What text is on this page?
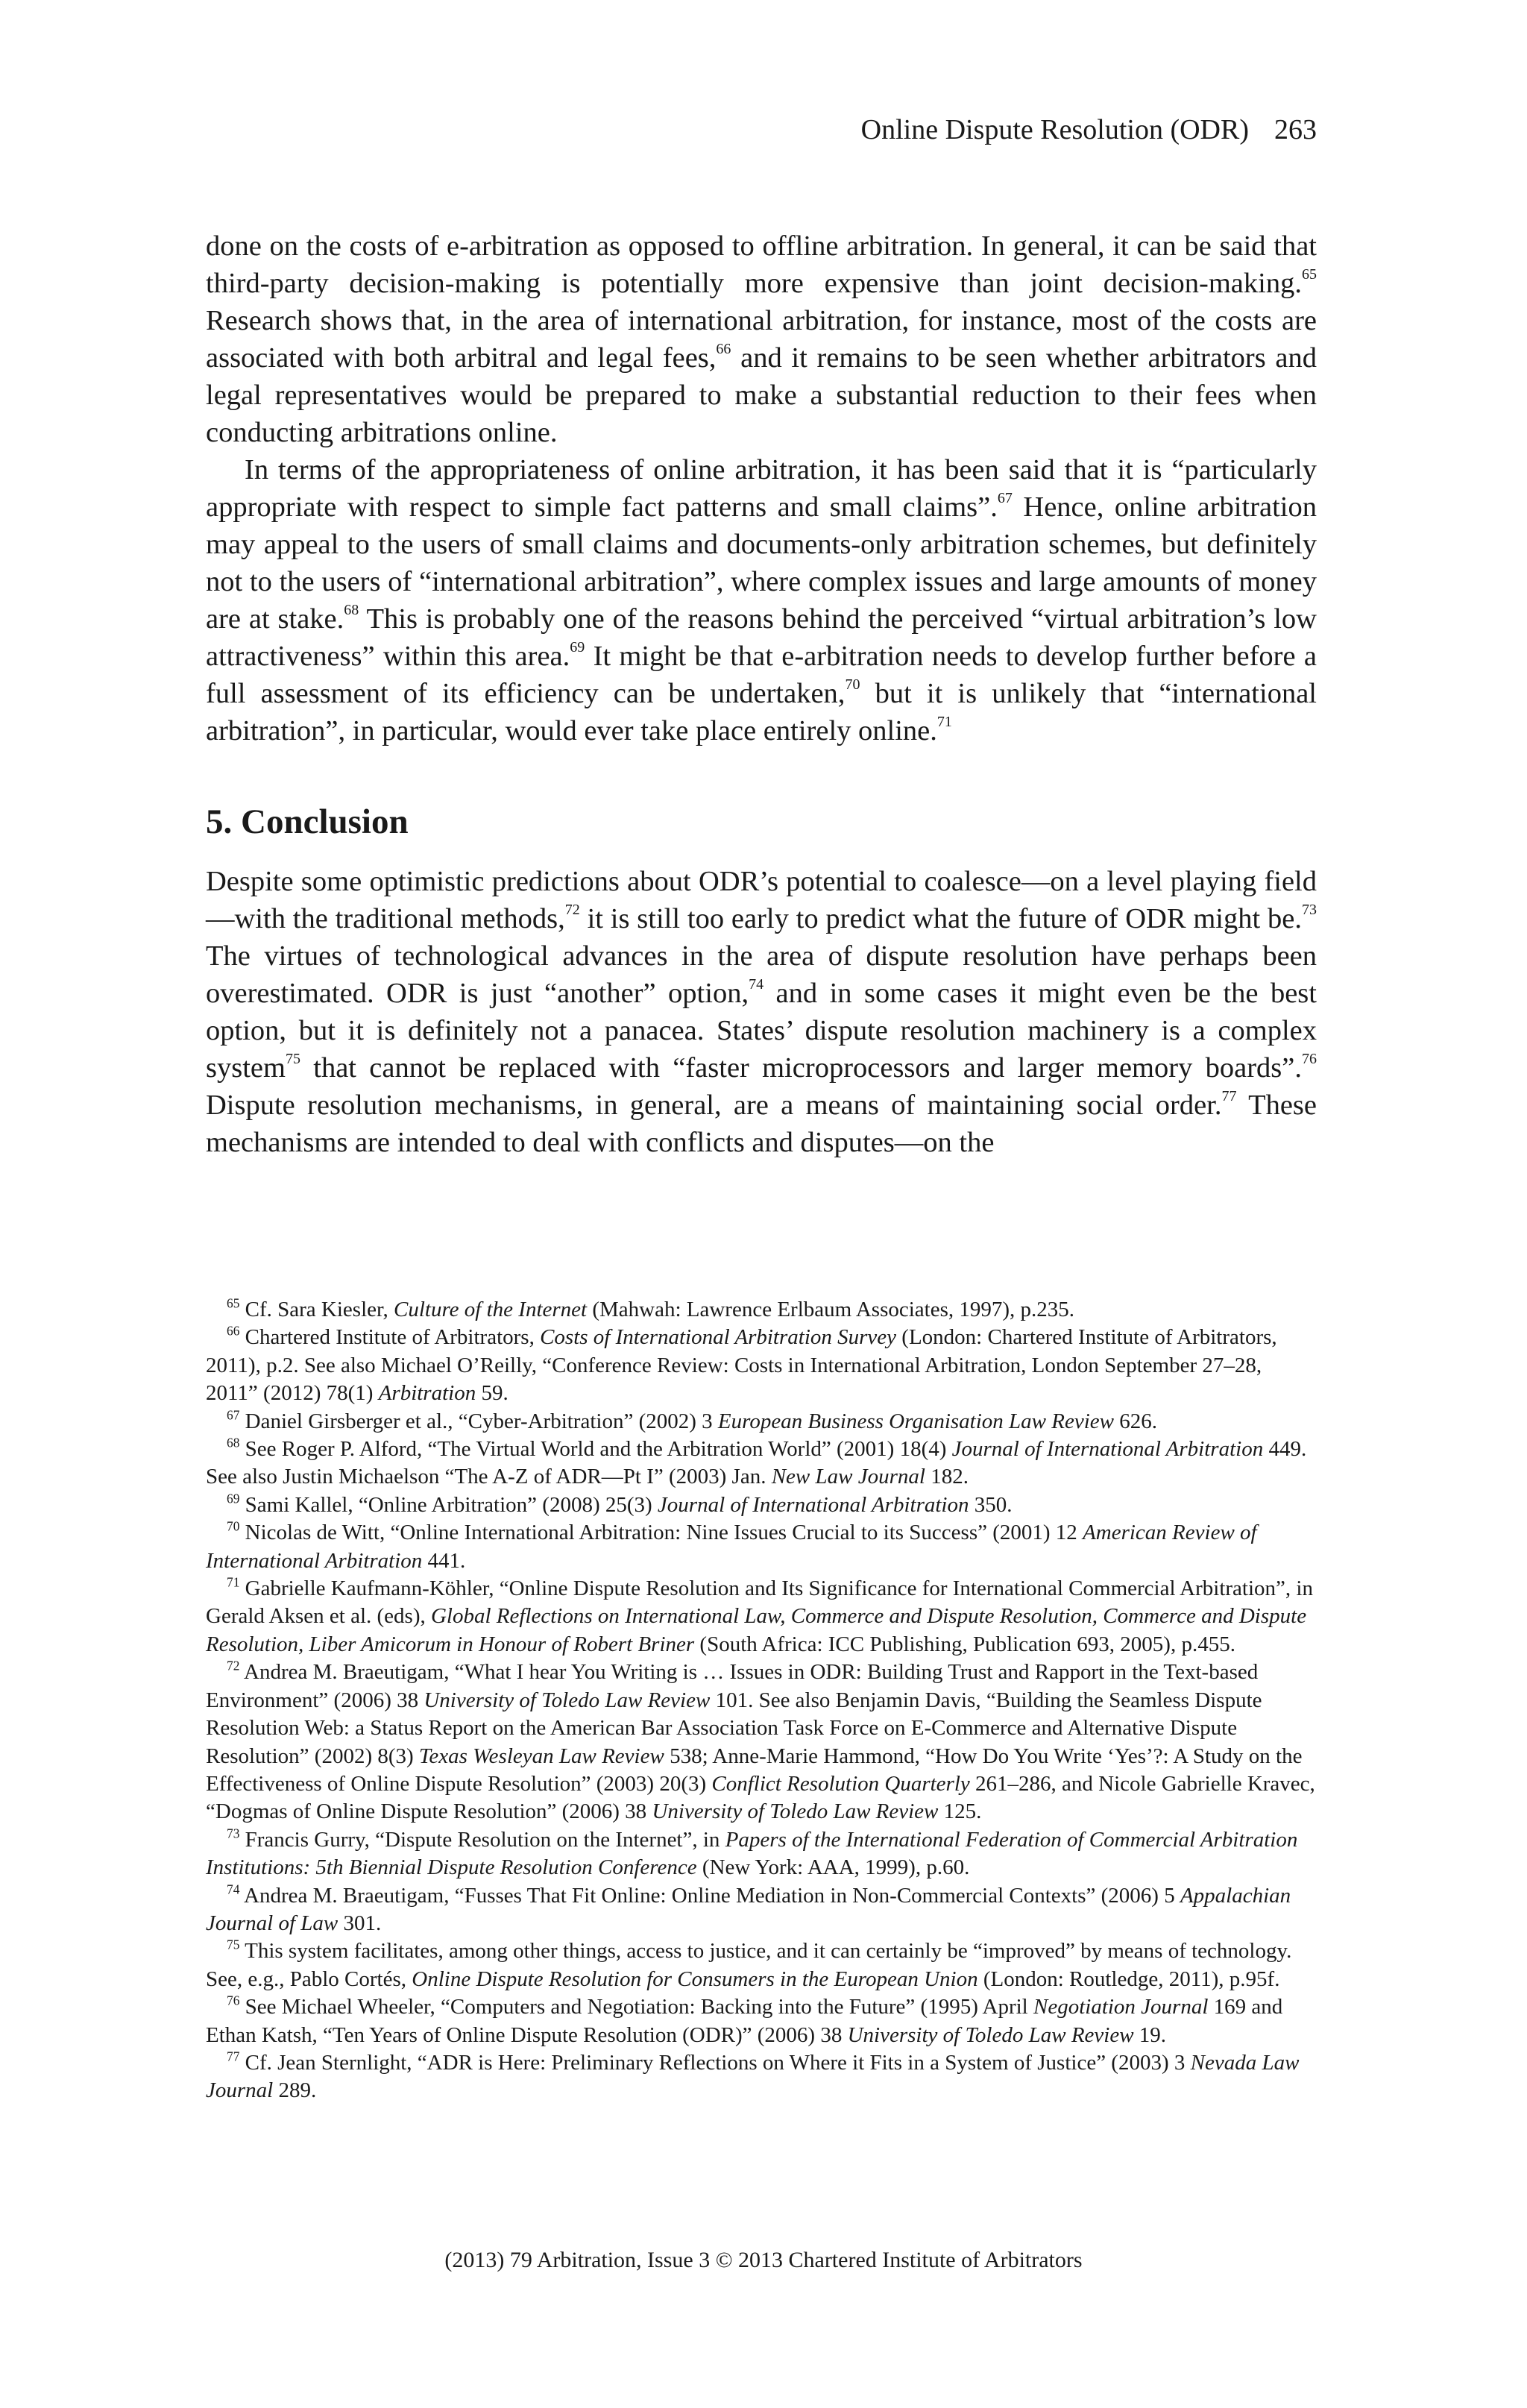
Online Dispute Resolution (ODR) 263

done on the costs of e-arbitration as opposed to offline arbitration. In general, it can be said that third-party decision-making is potentially more expensive than joint decision-making.$^{65}$ Research shows that, in the area of international arbitration, for instance, most of the costs are associated with both arbitral and legal fees,$^{66}$ and it remains to be seen whether arbitrators and legal representatives would be prepared to make a substantial reduction to their fees when conducting arbitrations online.

In terms of the appropriateness of online arbitration, it has been said that it is “particularly appropriate with respect to simple fact patterns and small claims”.$^{67}$ Hence, online arbitration may appeal to the users of small claims and documents-only arbitration schemes, but definitely not to the users of “international arbitration”, where complex issues and large amounts of money are at stake.$^{68}$ This is probably one of the reasons behind the perceived “virtual arbitration’s low attractiveness” within this area.$^{69}$ It might be that e-arbitration needs to develop further before a full assessment of its efficiency can be undertaken,$^{70}$ but it is unlikely that “international arbitration”, in particular, would ever take place entirely online.$^{71}$

5. Conclusion

Despite some optimistic predictions about ODR’s potential to coalesce—on a level playing field—with the traditional methods,$^{72}$ it is still too early to predict what the future of ODR might be.$^{73}$ The virtues of technological advances in the area of dispute resolution have perhaps been overestimated. ODR is just “another” option,$^{74}$ and in some cases it might even be the best option, but it is definitely not a panacea. States’ dispute resolution machinery is a complex system$^{75}$ that cannot be replaced with “faster microprocessors and larger memory boards”.$^{76}$ Dispute resolution mechanisms, in general, are a means of maintaining social order.$^{77}$ These mechanisms are intended to deal with conflicts and disputes—on the

$^{65}$ Cf. Sara Kiesler, Culture of the Internet (Mahwah: Lawrence Erlbaum Associates, 1997), p.235.

$^{66}$ Chartered Institute of Arbitrators, Costs of International Arbitration Survey (London: Chartered Institute of Arbitrators, 2011), p.2. See also Michael O’Reilly, “Conference Review: Costs in International Arbitration, London September 27–28, 2011” (2012) 78(1) Arbitration 59.

$^{67}$ Daniel Girsberger et al., “Cyber-Arbitration” (2002) 3 European Business Organisation Law Review 626.

$^{68}$ See Roger P. Alford, “The Virtual World and the Arbitration World” (2001) 18(4) Journal of International Arbitration 449. See also Justin Michaelson “The A-Z of ADR—Pt I” (2003) Jan. New Law Journal 182.

$^{69}$ Sami Kallel, “Online Arbitration” (2008) 25(3) Journal of International Arbitration 350.

$^{70}$ Nicolas de Witt, “Online International Arbitration: Nine Issues Crucial to its Success” (2001) 12 American Review of International Arbitration 441.

$^{71}$ Gabrielle Kaufmann-Köhler, “Online Dispute Resolution and Its Significance for International Commercial Arbitration”, in Gerald Aksen et al. (eds), Global Reflections on International Law, Commerce and Dispute Resolution, Commerce and Dispute Resolution, Liber Amicorum in Honour of Robert Briner (South Africa: ICC Publishing, Publication 693, 2005), p.455.

$^{72}$ Andrea M. Braeutigam, “What I hear You Writing is … Issues in ODR: Building Trust and Rapport in the Text-based Environment” (2006) 38 University of Toledo Law Review 101. See also Benjamin Davis, “Building the Seamless Dispute Resolution Web: a Status Report on the American Bar Association Task Force on E-Commerce and Alternative Dispute Resolution” (2002) 8(3) Texas Wesleyan Law Review 538; Anne-Marie Hammond, “How Do You Write ‘Yes’?: A Study on the Effectiveness of Online Dispute Resolution” (2003) 20(3) Conflict Resolution Quarterly 261–286, and Nicole Gabrielle Kravec, “Dogmas of Online Dispute Resolution” (2006) 38 University of Toledo Law Review 125.

$^{73}$ Francis Gurry, “Dispute Resolution on the Internet”, in Papers of the International Federation of Commercial Arbitration Institutions: 5th Biennial Dispute Resolution Conference (New York: AAA, 1999), p.60.

$^{74}$ Andrea M. Braeutigam, “Fusses That Fit Online: Online Mediation in Non-Commercial Contexts” (2006) 5 Appalachian Journal of Law 301.

$^{75}$ This system facilitates, among other things, access to justice, and it can certainly be “improved” by means of technology. See, e.g., Pablo Cortés, Online Dispute Resolution for Consumers in the European Union (London: Routledge, 2011), p.95f.

$^{76}$ See Michael Wheeler, “Computers and Negotiation: Backing into the Future” (1995) April Negotiation Journal 169 and Ethan Katsh, “Ten Years of Online Dispute Resolution (ODR)” (2006) 38 University of Toledo Law Review 19.

$^{77}$ Cf. Jean Sternlight, “ADR is Here: Preliminary Reflections on Where it Fits in a System of Justice” (2003) 3 Nevada Law Journal 289.

(2013) 79 Arbitration, Issue 3 © 2013 Chartered Institute of Arbitrators
